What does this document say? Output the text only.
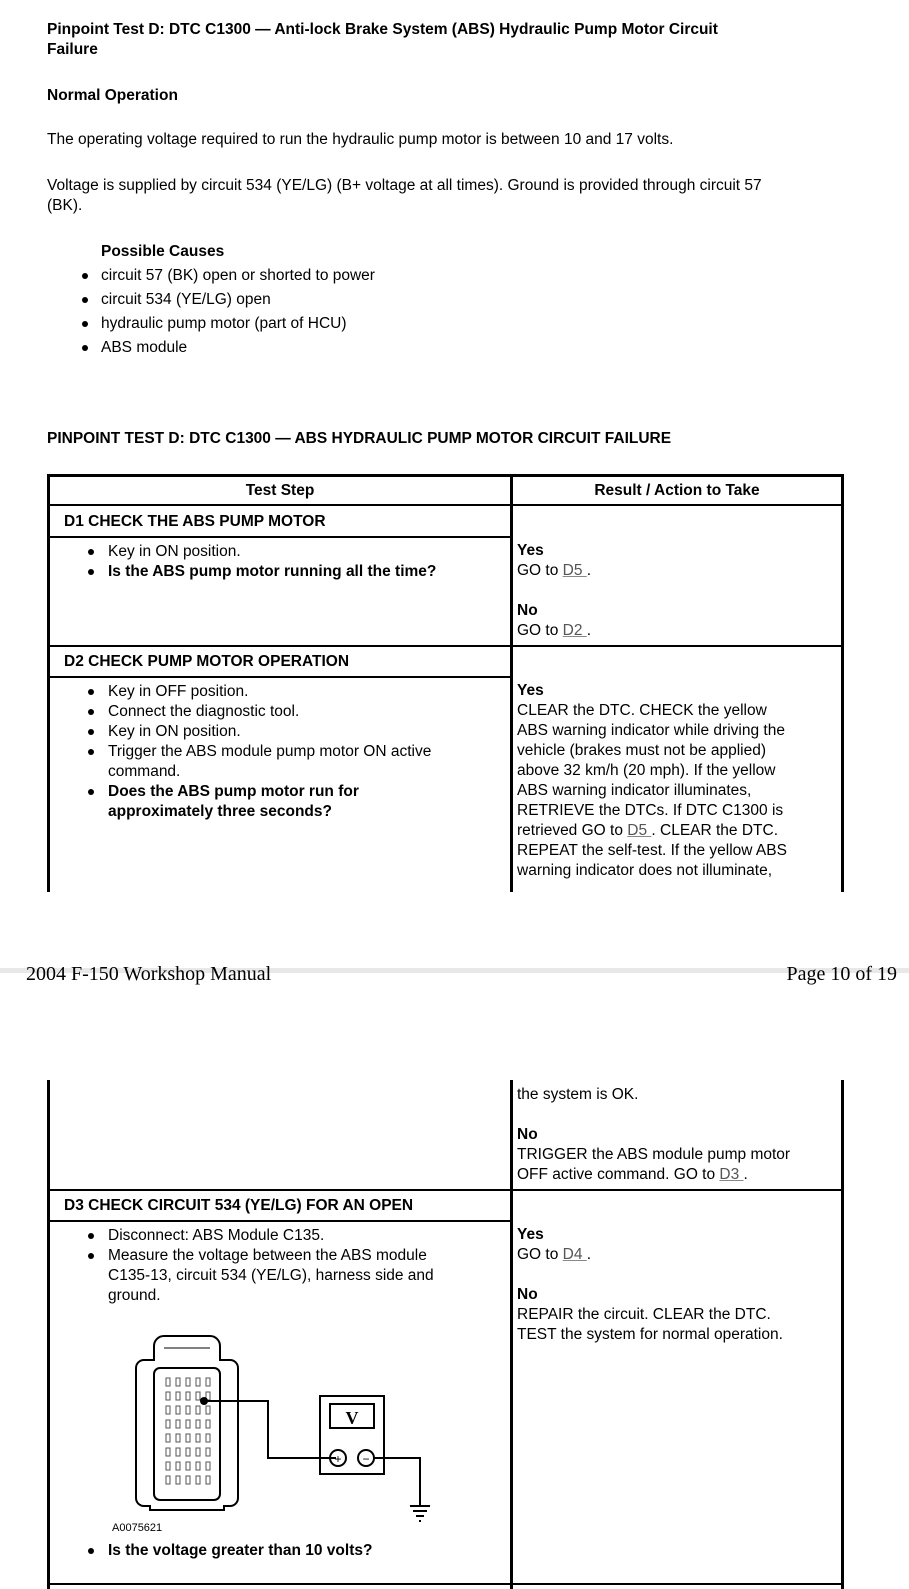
Pinpoint Test D: DTC C1300 — Anti-lock Brake System (ABS) Hydraulic Pump Motor Circuit
Failure
Normal Operation
The operating voltage required to run the hydraulic pump motor is between 10 and 17 volts.
Voltage is supplied by circuit 534 (YE/LG) (B+ voltage at all times). Ground is provided through circuit 57
(BK).
Possible Causes
circuit 57 (BK) open or shorted to power
circuit 534 (YE/LG) open
hydraulic pump motor (part of HCU)
ABS module
PINPOINT TEST D: DTC C1300 — ABS HYDRAULIC PUMP MOTOR CIRCUIT FAILURE
Test Step	Result / Action to Take
D1 CHECK THE ABS PUMP MOTOR
Key in ON position.
Is the ABS pump motor running all the time?
Yes
GO to D5 .
No
GO to D2 .
D2 CHECK PUMP MOTOR OPERATION
Key in OFF position.
Connect the diagnostic tool.
Key in ON position.
Trigger the ABS module pump motor ON active
command.
Does the ABS pump motor run for
approximately three seconds?
Yes
CLEAR the DTC. CHECK the yellow
ABS warning indicator while driving the
vehicle (brakes must not be applied)
above 32 km/h (20 mph). If the yellow
ABS warning indicator illuminates,
RETRIEVE the DTCs. If DTC C1300 is
retrieved GO to D5 . CLEAR the DTC.
REPEAT the self-test. If the yellow ABS
warning indicator does not illuminate,
2004 F-150 Workshop Manual	Page 10 of 19
the system is OK.
No
TRIGGER the ABS module pump motor
OFF active command. GO to D3 .
D3 CHECK CIRCUIT 534 (YE/LG) FOR AN OPEN
Disconnect: ABS Module C135.
Measure the voltage between the ABS module
C135-13, circuit 534 (YE/LG), harness side and
ground.
V
+ −
A0075621
Is the voltage greater than 10 volts?
Yes
GO to D4 .
No
REPAIR the circuit. CLEAR the DTC.
TEST the system for normal operation.
